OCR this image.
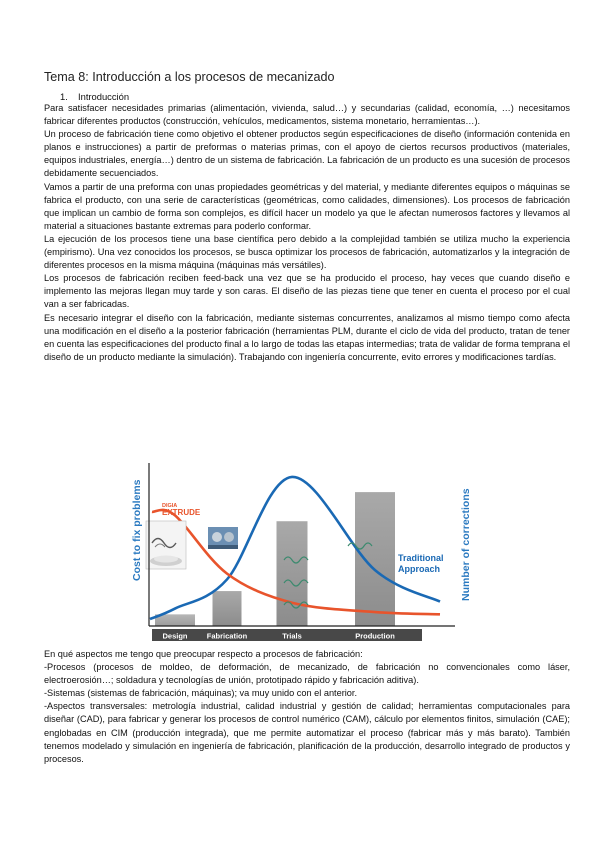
Tema 8: Introducción a los procesos de mecanizado
1. Introducción

Para satisfacer necesidades primarias (alimentación, vivienda, salud…) y secundarias (calidad, economía, …) necesitamos fabricar diferentes productos (construcción, vehículos, medicamentos, sistema monetario, herramientas…).

Un proceso de fabricación tiene como objetivo el obtener productos según especificaciones de diseño (información contenida en planos e instrucciones) a partir de preformas o materias primas, con el apoyo de ciertos recursos productivos (materiales, equipos industriales, energía…) dentro de un sistema de fabricación. La fabricación de un producto es una sucesión de procesos debidamente secuenciados.

Vamos a partir de una preforma con unas propiedades geométricas y del material, y mediante diferentes equipos o máquinas se fabrica el producto, con una serie de características (geométricas, como calidades, dimensiones). Los procesos de fabricación que implican un cambio de forma son complejos, es difícil hacer un modelo ya que le afectan numerosos factores y llevamos al material a situaciones bastante extremas para poderlo conformar.

La ejecución de los procesos tiene una base científica pero debido a la complejidad también se utiliza mucho la experiencia (empirismo). Una vez conocidos los procesos, se busca optimizar los procesos de fabricación, automatizarlos y la integración de diferentes procesos en la misma máquina (máquinas más versátiles).

Los procesos de fabricación reciben feed-back una vez que se ha producido el proceso, hay veces que cuando diseño e implemento las mejoras llegan muy tarde y son caras. El diseño de las piezas tiene que tener en cuenta el proceso por el cual van a ser fabricadas.

Es necesario integrar el diseño con la fabricación, mediante sistemas concurrentes, analizamos al mismo tiempo como afecta una modificación en el diseño a la posterior fabricación (herramientas PLM, durante el ciclo de vida del producto, tratan de tener en cuenta las especificaciones del producto final a lo largo de todas las etapas intermedias; trata de validar de forma temprana el diseño de un producto mediante la simulación). Trabajando con ingeniería concurrente, evito errores y modificaciones tardías.

DIGIA
EXTRUDE
Cost to fix problems	Number of corrections
Traditional
Approach
Design	Fabrication	Trials	Production

En qué aspectos me tengo que preocupar respecto a procesos de fabricación:

-Procesos (procesos de moldeo, de deformación, de mecanizado, de fabricación no convencionales como láser, electroerosión…; soldadura y tecnologías de unión, prototipado rápido y fabricación aditiva).

-Sistemas (sistemas de fabricación, máquinas); va muy unido con el anterior.

-Aspectos transversales: metrología industrial, calidad industrial y gestión de calidad; herramientas computacionales para diseñar (CAD), para fabricar y generar los procesos de control numérico (CAM), cálculo por elementos finitos, simulación (CAE); englobadas en CIM (producción integrada), que me permite automatizar el proceso (fabricar más y más barato). También tenemos modelado y simulación en ingeniería de fabricación, planificación de la producción, desarrollo integrado de productos y procesos.
